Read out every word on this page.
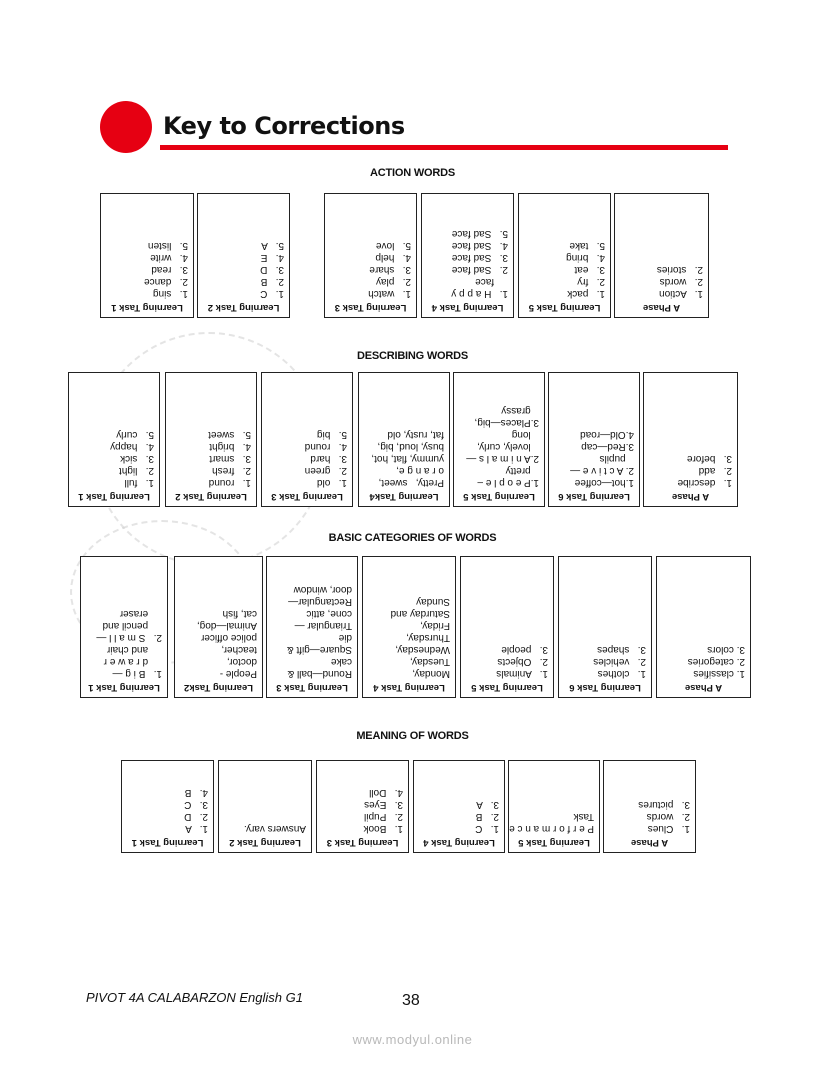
Key to Corrections
ACTION WORDS
A Phase
1.   Action
2.   words
2.   stories
Learning Task 5
1.   pack
2.   fry
3.   eat
4.   bring
5.   take
Learning Task 4
1.   H a p p y
face
2.   Sad face
3.   Sad face
4.   Sad face
5.   Sad face
Learning Task 3
1.   watch
2.   play
3.   share
4.   help
5.   love
Learning Task 2
1.   C
2.   B
3.   D
4.   E
5.   A
Learning Task 1
1.   sing
2.   dance
3.   read
4.   write
5.   listen
DESCRIBING WORDS
A Phase
1.   describe
2.   add
3.   before
Learning Task 6
1.hot—coffee
2. A c t i v e —
pupils
3.Red—cap
4.Old—road
Learning Task 5
1.P e o p l e –
pretty
2.A n i m a l s —
lovely, curly,
long
3.Places—big,
grassy
Learning Task4
Pretty,   sweet,
o r a n g e,
yummy, flat, hot,
busy, loud, big,
fat, rusty, old
Learning Task 3
1.   old
2.   green
3.   hard
4.   round
5.   big
Learning Task 2
1.   round
2.   fresh
3.   smart
4.   bright
5.   sweet
Learning Task 1
1.   full
2.   light
3.   sick
4.   happy
5.   curly
BASIC CATEGORIES OF WORDS
A Phase
1. classifies
2. categories
3. colors
Learning Task 6
1.   clothes
2.   vehicles
3.   shapes
Learning Task 5
1.   Animals
2.   Objects
3.   people
Learning Task 4
Monday,
Tuesday,
Wednesday,
Thursday,
Friday,
Saturday and
Sunday
Learning Task 3
Round—ball &
cake
Square—gift &
die
Triangular —
cone, attic
Rectangular—
door, window
Learning Task2
People -
doctor,
teacher,
police officer
Animal—dog,
cat, fish
Learning Task 1
1.   B i g —
d r a w e r
and chair
2.   S m a l l —
pencil and
eraser
MEANING OF WORDS
A Phase
1.   Clues
2.   words
3.   pictures
Learning Task 5
P e r f o r m a n c e
Task
Learning Task 4
1.   C
2.   B
3.   A
Learning Task 3
1.   Book
2.   Pupil
3.   Eyes
4.   Doll
Learning Task 2
Answers vary.
Learning Task 1
1.   A
2.   D
3.   C
4.   B
PIVOT 4A CALABARZON English G1	38
www.modyul.online
